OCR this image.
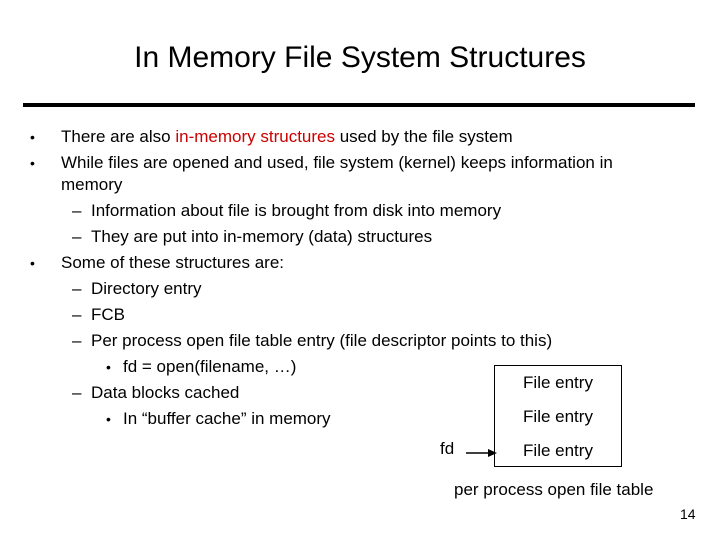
In Memory File System Structures
• There are also in-memory structures used by the file system
• While files are opened and used, file system (kernel) keeps information in
memory
– Information about file is brought from disk into memory
– They are put into in-memory (data) structures
• Some of these structures are:
– Directory entry
– FCB
– Per process open file table entry (file descriptor points to this)
• fd = open(filename, …)
– Data blocks cached
• In “buffer cache” in memory
File entry
File entry
File entry
fd
per process open file table
14
